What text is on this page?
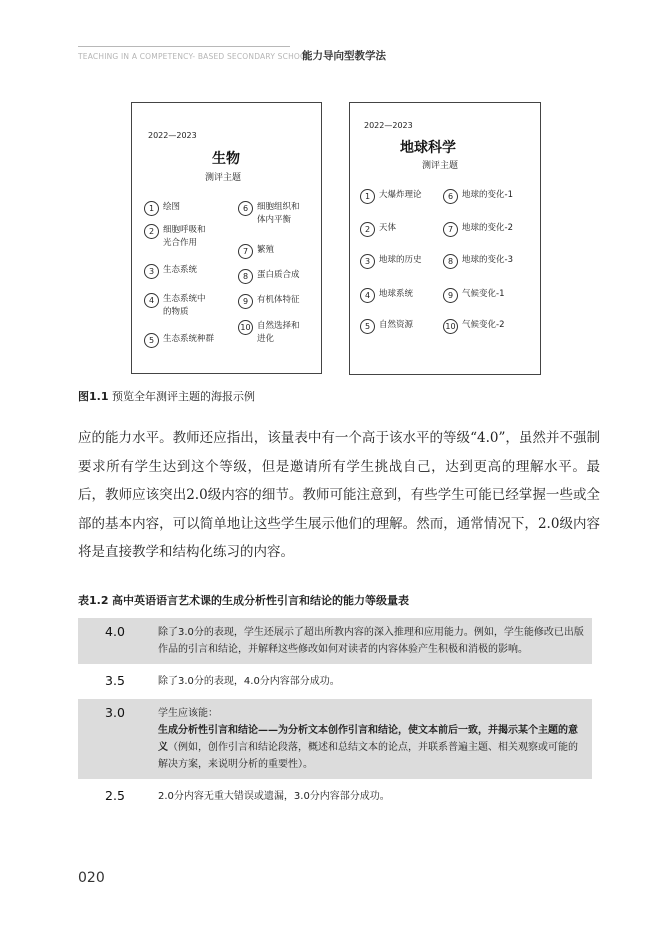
TEACHING IN A COMPETENCY- BASED SECONDARY SCHOOL
能力导向型教学法
2022—2023
生物
测评主题
1	绘图
2	细胞呼吸和
光合作用
3	生态系统
4	生态系统中
的物质
5	生态系统种群
6	细胞组织和
体内平衡
7	繁殖
8	蛋白质合成
9	有机体特征
10 自然选择和
进化
2022—2023
地球科学
测评主题
1	大爆炸理论
2	天体
3	地球的历史
4	地球系统
5	自然资源
6	地球的变化-1
7	地球的变化-2
8	地球的变化-3
9	气候变化-1
10 气候变化-2
图1.1 预览全年测评主题的海报示例
应的能力水平。教师还应指出，该量表中有一个高于该水平的等级“4.0”，虽然并不强制要求所有学生达到这个等级，但是邀请所有学生挑战自己，达到更高的理解水平。最后，教师应该突出2.0级内容的细节。教师可能注意到，有些学生可能已经掌握一些或全部的基本内容，可以简单地让这些学生展示他们的理解。然而，通常情况下，2.0级内容将是直接教学和结构化练习的内容。
表1.2 高中英语语言艺术课的生成分析性引言和结论的能力等级量表
4.0	除了3.0分的表现，学生还展示了超出所教内容的深入推理和应用能力。例如，学生能修改已出版作品的引言和结论，并解释这些修改如何对读者的内容体验产生积极和消极的影响。
3.5	除了3.0分的表现，4.0分内容部分成功。
3.0	学生应该能：
生成分析性引言和结论——为分析文本创作引言和结论，使文本前后一致，并揭示某个主题的意义（例如，创作引言和结论段落，概述和总结文本的论点，并联系普遍主题、相关观察或可能的解决方案，来说明分析的重要性）。
2.5	2.0分内容无重大错误或遗漏，3.0分内容部分成功。
020
